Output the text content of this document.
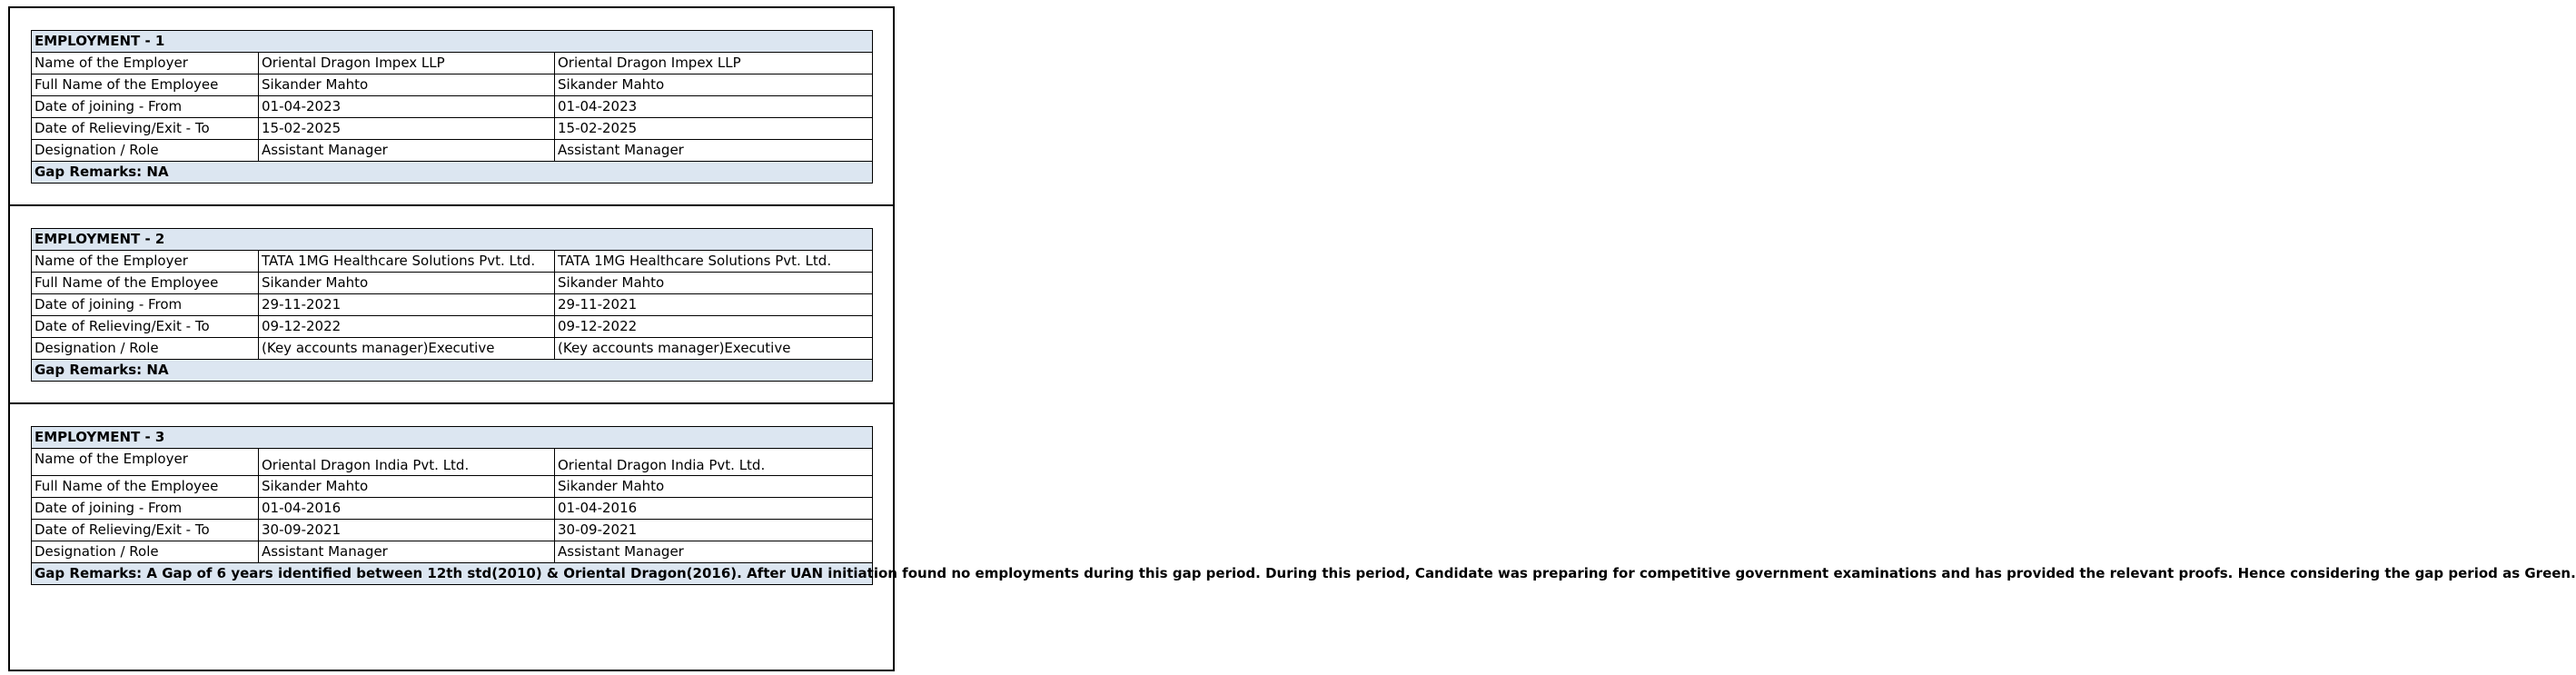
EMPLOYMENT - 1		
Name of the Employer	Oriental Dragon Impex LLP	Oriental Dragon Impex LLP
Full Name of the Employee	Sikander Mahto	Sikander Mahto
Date of joining - From	01-04-2023	01-04-2023
Date of Relieving/Exit - To	15-02-2025	15-02-2025
Designation / Role	Assistant Manager	Assistant Manager
Gap Remarks: NA		
EMPLOYMENT - 2		
Name of the Employer	TATA 1MG Healthcare Solutions Pvt. Ltd.	TATA 1MG Healthcare Solutions Pvt. Ltd.
Full Name of the Employee	Sikander Mahto	Sikander Mahto
Date of joining - From	29-11-2021	29-11-2021
Date of Relieving/Exit - To	09-12-2022	09-12-2022
Designation / Role	(Key accounts manager)Executive	(Key accounts manager)Executive
Gap Remarks: NA		
EMPLOYMENT - 3		
Name of the Employer	Oriental Dragon India Pvt. Ltd.	Oriental Dragon India Pvt. Ltd.
Full Name of the Employee	Sikander Mahto	Sikander Mahto
Date of joining - From	01-04-2016	01-04-2016
Date of Relieving/Exit - To	30-09-2021	30-09-2021
Designation / Role	Assistant Manager	Assistant Manager
Gap Remarks: A Gap of 6 years identified between 12th std(2010) & Oriental Dragon(2016). After UAN initiation found no employments during this gap period. During this period, Candidate was preparing for competitive government examinations and has provided the relevant proofs. Hence considering the gap period as Green.		
